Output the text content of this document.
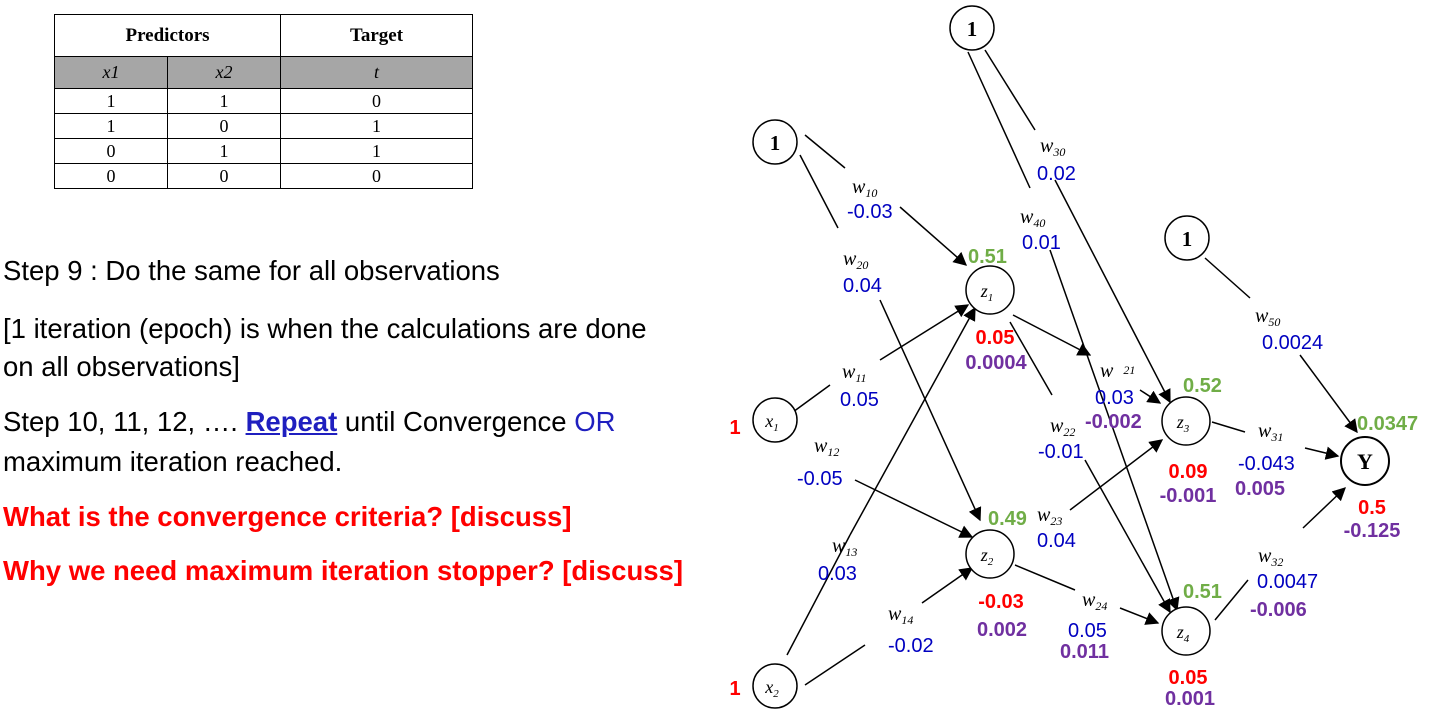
Predictors		Target
x1	x2	t
1	1	0
1	0	1
0	1	1
0	0	0

Step 9 : Do the same for all observations

[1 iteration (epoch) is when the calculations are done
on all observations]

Step 10, 11, 12, …. Repeat until Convergence OR
maximum iteration reached.

What is the convergence criteria? [discuss]

Why we need maximum iteration stopper? [discuss]

1
1
1
$x_1$
$x_2$
$z_1$
$z_2$
$z_3$
$z_4$
Y
1
1
$w_{10}$
$w_{20}$
$w_{30}$
$w_{40}$
$w_{50}$
$w_{11}$
$w_{12}$
$w_{13}$
$w_{14}$
w 21
$w_{22}$
$w_{23}$
$w_{24}$
$w_{31}$
$w_{32}$
-0.03
0.04
0.02
0.01
0.0024
0.05
-0.05
0.03
-0.02
0.03
-0.01
0.04
0.05
-0.043
0.0047
-0.002
0.011
0.005
-0.006
0.51
0.49
0.52
0.51
0.0347
0.05
-0.03
0.09
0.05
0.5
0.0004
0.002
-0.001
0.001
-0.125
